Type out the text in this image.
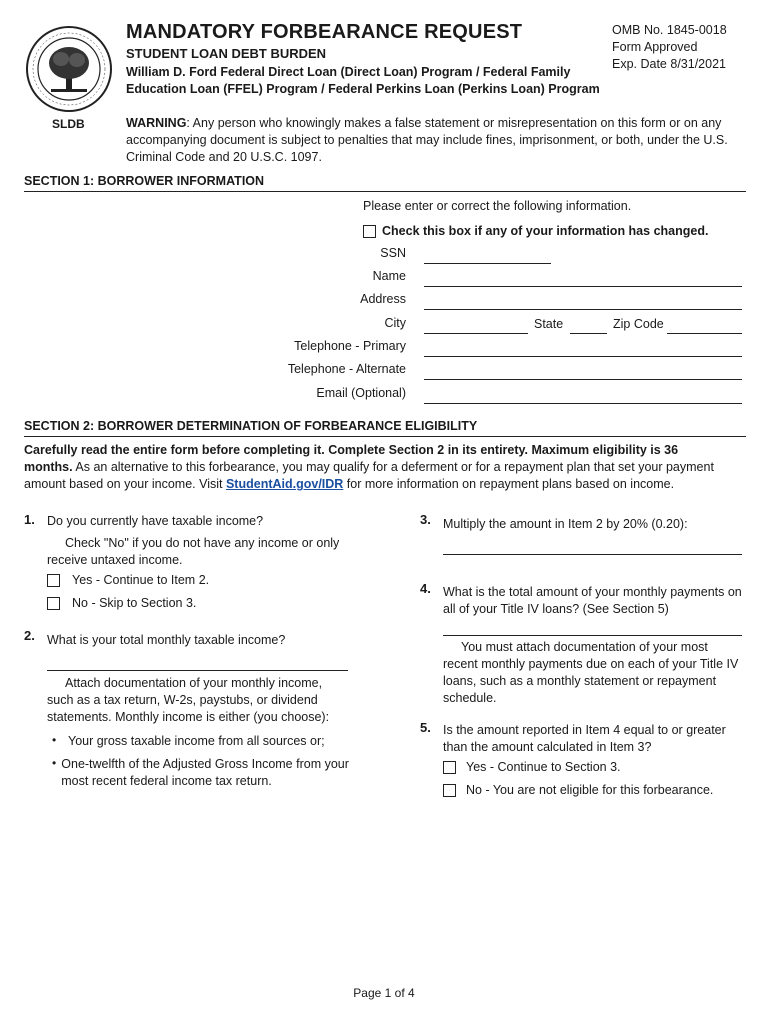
SLDB
MANDATORY FORBEARANCE REQUEST
STUDENT LOAN DEBT BURDEN
William D. Ford Federal Direct Loan (Direct Loan) Program / Federal Family Education Loan (FFEL) Program / Federal Perkins Loan (Perkins Loan) Program
OMB No. 1845-0018
Form Approved
Exp. Date 8/31/2021
WARNING: Any person who knowingly makes a false statement or misrepresentation on this form or on any accompanying document is subject to penalties that may include fines, imprisonment, or both, under the U.S. Criminal Code and 20 U.S.C. 1097.
SECTION 1: BORROWER INFORMATION
Please enter or correct the following information.
Check this box if any of your information has changed.
SSN
Name
Address
City	State	Zip Code
Telephone - Primary
Telephone - Alternate
Email (Optional)
SECTION 2: BORROWER DETERMINATION OF FORBEARANCE ELIGIBILITY
Carefully read the entire form before completing it. Complete Section 2 in its entirety. Maximum eligibility is 36 months. As an alternative to this forbearance, you may qualify for a deferment or for a repayment plan that set your payment amount based on your income. Visit StudentAid.gov/IDR for more information on repayment plans based on income.
1. Do you currently have taxable income?
Check "No" if you do not have any income or only receive untaxed income.
Yes - Continue to Item 2.
No - Skip to Section 3.
2. What is your total monthly taxable income?
Attach documentation of your monthly income, such as a tax return, W-2s, paystubs, or dividend statements. Monthly income is either (you choose):
• Your gross taxable income from all sources or;
• One-twelfth of the Adjusted Gross Income from your most recent federal income tax return.
3. Multiply the amount in Item 2 by 20% (0.20):
4. What is the total amount of your monthly payments on all of your Title IV loans? (See Section 5)
You must attach documentation of your most recent monthly payments due on each of your Title IV loans, such as a monthly statement or repayment schedule.
5. Is the amount reported in Item 4 equal to or greater than the amount calculated in Item 3?
Yes - Continue to Section 3.
No - You are not eligible for this forbearance.
Page 1 of 4
